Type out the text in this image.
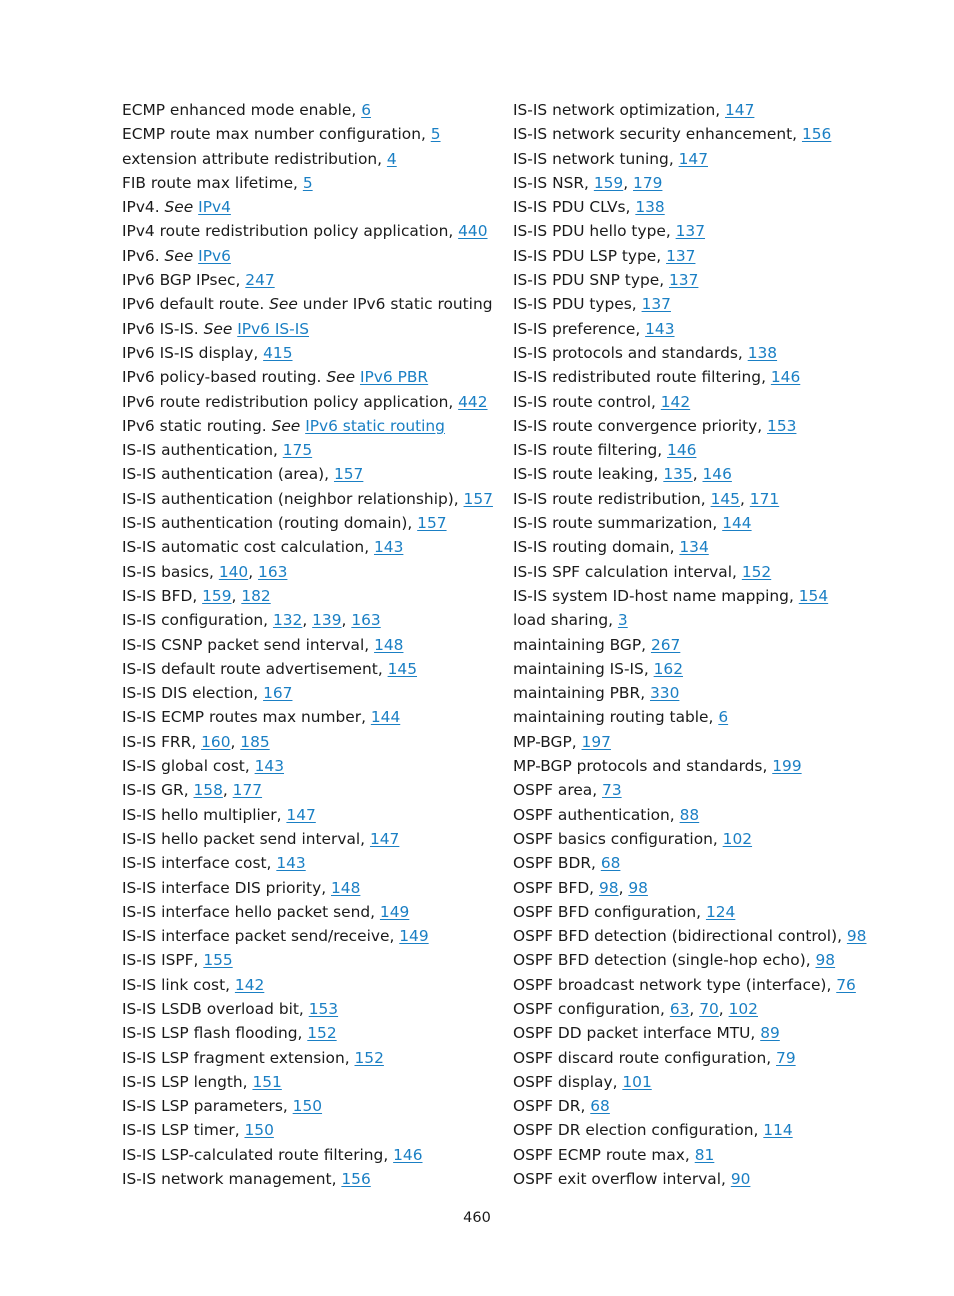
ECMP enhanced mode enable, 6
ECMP route max number configuration, 5
extension attribute redistribution, 4
FIB route max lifetime, 5
IPv4. See IPv4
IPv4 route redistribution policy application, 440
IPv6. See IPv6
IPv6 BGP IPsec, 247
IPv6 default route. See under IPv6 static routing
IPv6 IS-IS. See IPv6 IS-IS
IPv6 IS-IS display, 415
IPv6 policy-based routing. See IPv6 PBR
IPv6 route redistribution policy application, 442
IPv6 static routing. See IPv6 static routing
IS-IS authentication, 175
IS-IS authentication (area), 157
IS-IS authentication (neighbor relationship), 157
IS-IS authentication (routing domain), 157
IS-IS automatic cost calculation, 143
IS-IS basics, 140, 163
IS-IS BFD, 159, 182
IS-IS configuration, 132, 139, 163
IS-IS CSNP packet send interval, 148
IS-IS default route advertisement, 145
IS-IS DIS election, 167
IS-IS ECMP routes max number, 144
IS-IS FRR, 160, 185
IS-IS global cost, 143
IS-IS GR, 158, 177
IS-IS hello multiplier, 147
IS-IS hello packet send interval, 147
IS-IS interface cost, 143
IS-IS interface DIS priority, 148
IS-IS interface hello packet send, 149
IS-IS interface packet send/receive, 149
IS-IS ISPF, 155
IS-IS link cost, 142
IS-IS LSDB overload bit, 153
IS-IS LSP flash flooding, 152
IS-IS LSP fragment extension, 152
IS-IS LSP length, 151
IS-IS LSP parameters, 150
IS-IS LSP timer, 150
IS-IS LSP-calculated route filtering, 146
IS-IS network management, 156
IS-IS network optimization, 147
IS-IS network security enhancement, 156
IS-IS network tuning, 147
IS-IS NSR, 159, 179
IS-IS PDU CLVs, 138
IS-IS PDU hello type, 137
IS-IS PDU LSP type, 137
IS-IS PDU SNP type, 137
IS-IS PDU types, 137
IS-IS preference, 143
IS-IS protocols and standards, 138
IS-IS redistributed route filtering, 146
IS-IS route control, 142
IS-IS route convergence priority, 153
IS-IS route filtering, 146
IS-IS route leaking, 135, 146
IS-IS route redistribution, 145, 171
IS-IS route summarization, 144
IS-IS routing domain, 134
IS-IS SPF calculation interval, 152
IS-IS system ID-host name mapping, 154
load sharing, 3
maintaining BGP, 267
maintaining IS-IS, 162
maintaining PBR, 330
maintaining routing table, 6
MP-BGP, 197
MP-BGP protocols and standards, 199
OSPF area, 73
OSPF authentication, 88
OSPF basics configuration, 102
OSPF BDR, 68
OSPF BFD, 98, 98
OSPF BFD configuration, 124
OSPF BFD detection (bidirectional control), 98
OSPF BFD detection (single-hop echo), 98
OSPF broadcast network type (interface), 76
OSPF configuration, 63, 70, 102
OSPF DD packet interface MTU, 89
OSPF discard route configuration, 79
OSPF display, 101
OSPF DR, 68
OSPF DR election configuration, 114
OSPF ECMP route max, 81
OSPF exit overflow interval, 90
460
